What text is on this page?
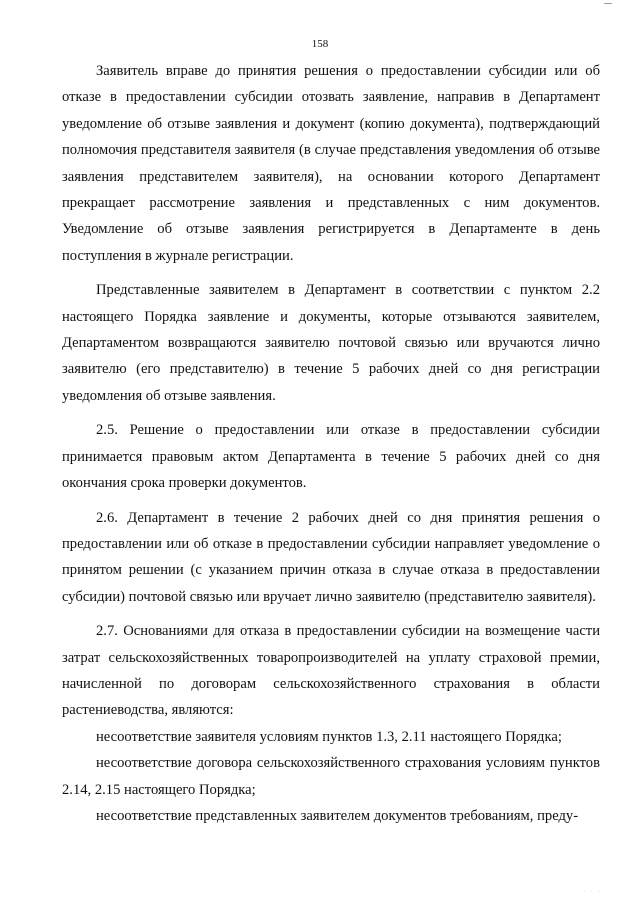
158

Заявитель вправе до принятия решения о предоставлении субсидии или об отказе в предоставлении субсидии отозвать заявление, направив в Департамент уведомление об отзыве заявления и документ (копию документа), подтверждающий полномочия представителя заявителя (в случае представления уведомления об отзыве заявления представителем заявителя), на основании которого Департамент прекращает рассмотрение заявления и представленных с ним документов. Уведомление об отзыве заявления регистрируется в Департаменте в день поступления в журнале регистрации.

Представленные заявителем в Департамент в соответствии с пунктом 2.2 настоящего Порядка заявление и документы, которые отзываются заявителем, Департаментом возвращаются заявителю почтовой связью или вручаются лично заявителю (его представителю) в течение 5 рабочих дней со дня регистрации уведомления об отзыве заявления.

2.5. Решение о предоставлении или отказе в предоставлении субсидии принимается правовым актом Департамента в течение 5 рабочих дней со дня окончания срока проверки документов.

2.6. Департамент в течение 2 рабочих дней со дня принятия решения о предоставлении или об отказе в предоставлении субсидии направляет уведомление о принятом решении (с указанием причин отказа в случае отказа в предоставлении субсидии) почтовой связью или вручает лично заявителю (представителю заявителя).

2.7. Основаниями для отказа в предоставлении субсидии на возмещение части затрат сельскохозяйственных товаропроизводителей на уплату страховой премии, начисленной по договорам сельскохозяйственного страхования в области растениеводства, являются:

несоответствие заявителя условиям пунктов 1.3, 2.11 настоящего Порядка;

несоответствие договора сельскохозяйственного страхования условиям пунктов 2.14, 2.15 настоящего Порядка;

несоответствие представленных заявителем документов требованиям, преду-

· · ·
